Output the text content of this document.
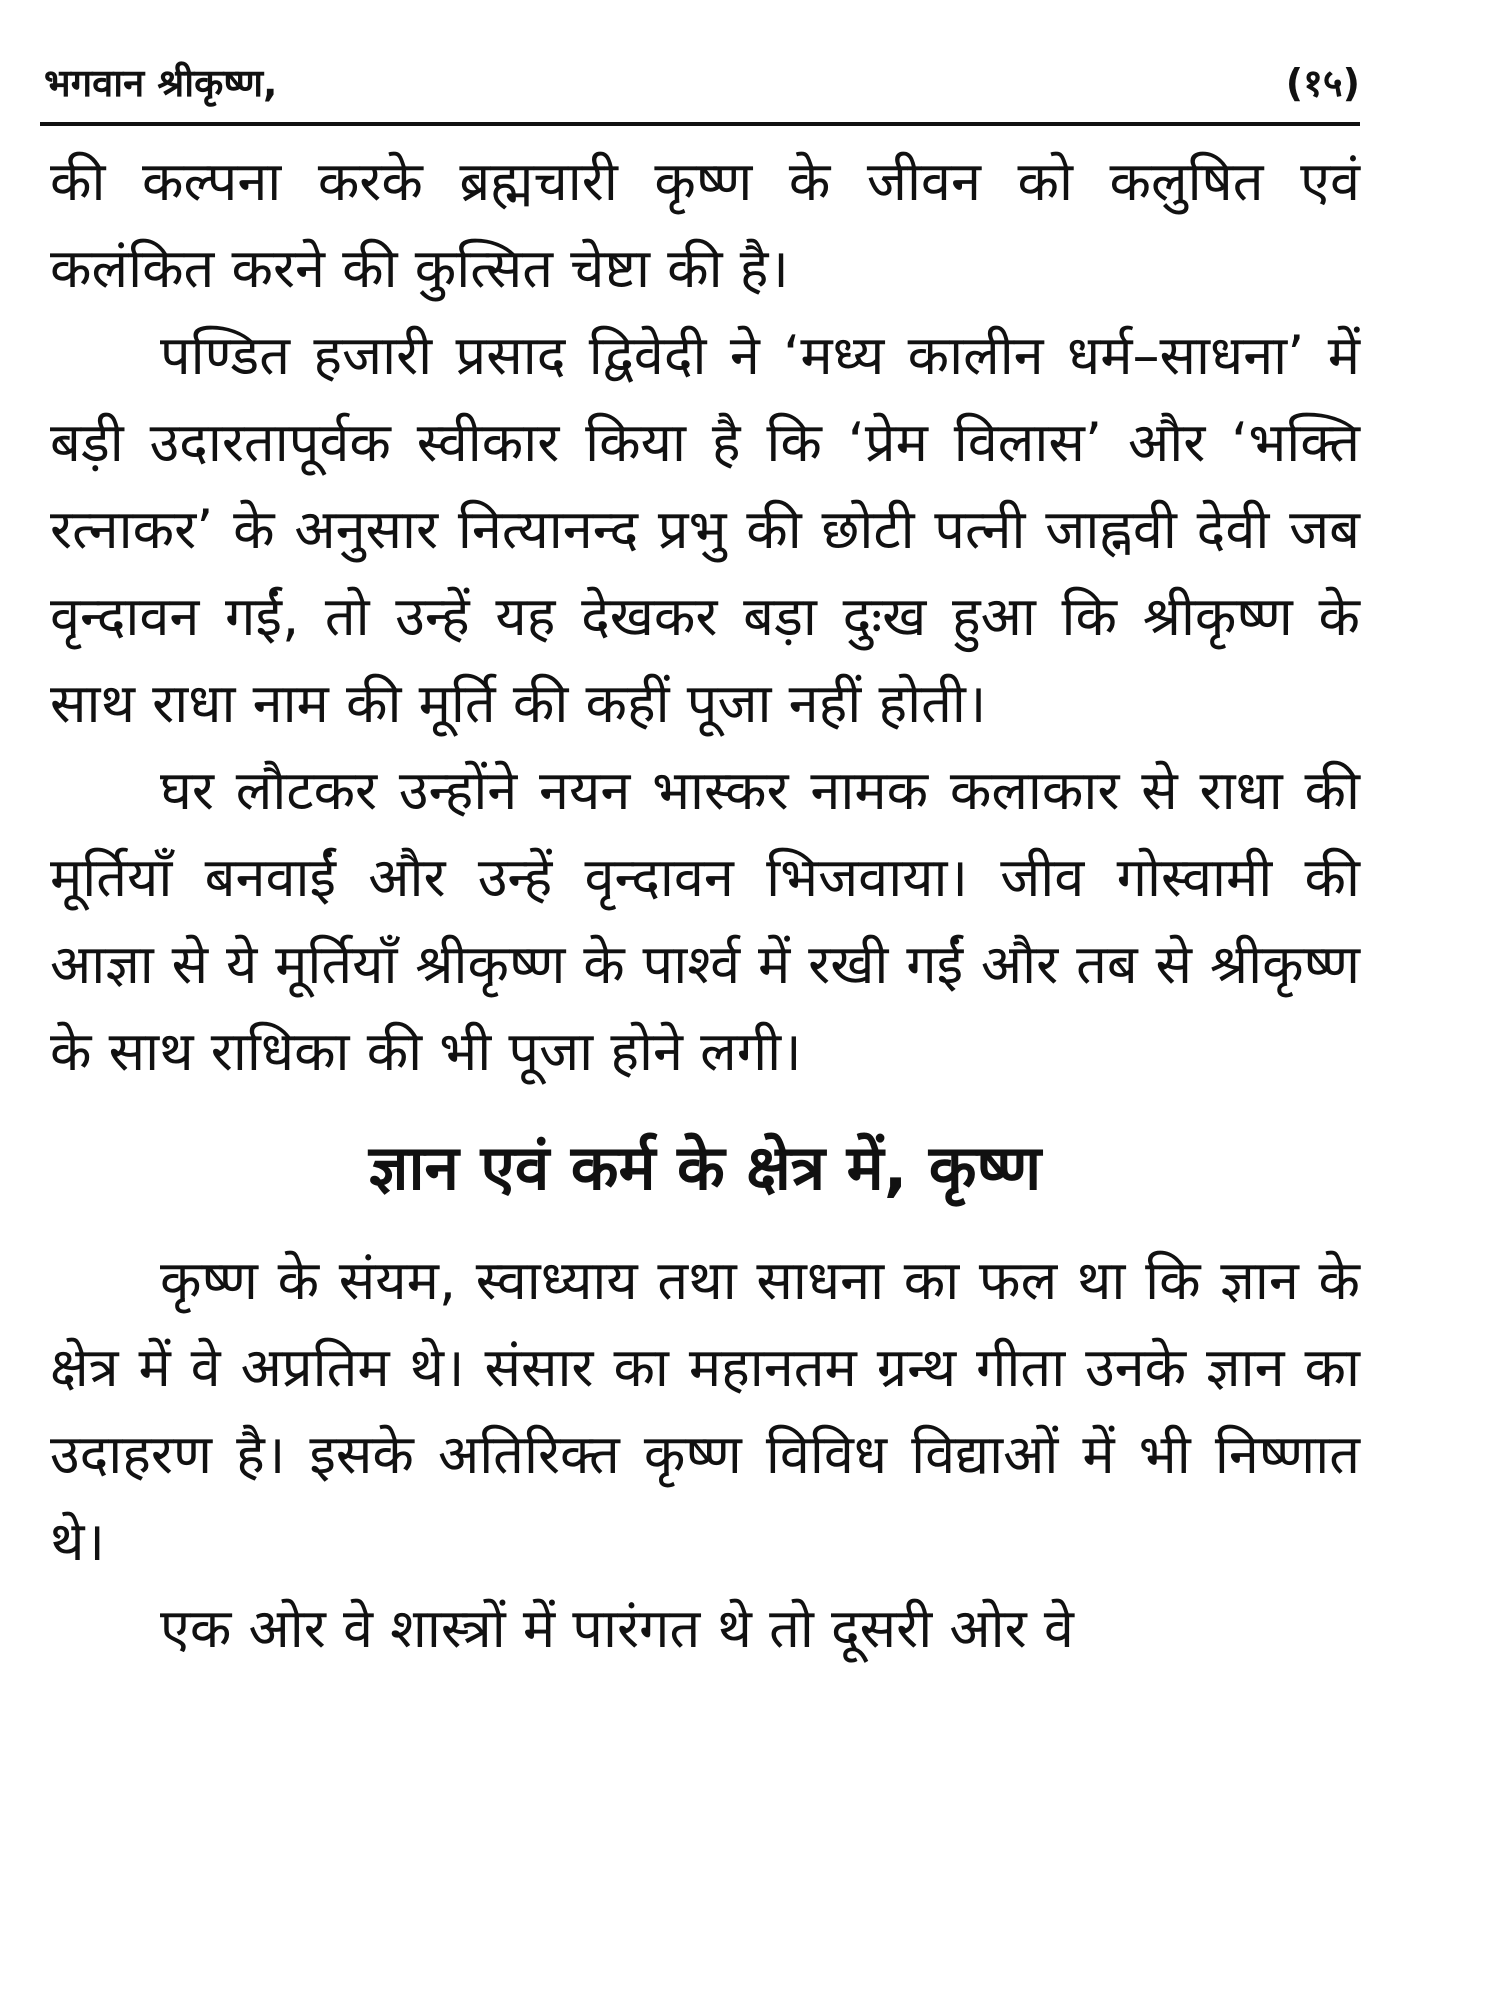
भगवान श्रीकृष्ण,	(१५)

की कल्पना करके ब्रह्मचारी कृष्ण के जीवन को कलुषित एवं कलंकित करने की कुत्सित चेष्टा की है।

पण्डित हजारी प्रसाद द्विवेदी ने ‘मध्य कालीन धर्म–साधना’ में बड़ी उदारतापूर्वक स्वीकार किया है कि ‘प्रेम विलास’ और ‘भक्ति रत्नाकर’ के अनुसार नित्यानन्द प्रभु की छोटी पत्नी जाह्नवी देवी जब वृन्दावन गईं, तो उन्हें यह देखकर बड़ा दुःख हुआ कि श्रीकृष्ण के साथ राधा नाम की मूर्ति की कहीं पूजा नहीं होती।

घर लौटकर उन्होंने नयन भास्कर नामक कलाकार से राधा की मूर्तियाँ बनवाईं और उन्हें वृन्दावन भिजवाया। जीव गोस्वामी की आज्ञा से ये मूर्तियाँ श्रीकृष्ण के पार्श्व में रखी गईं और तब से श्रीकृष्ण के साथ राधिका की भी पूजा होने लगी।

ज्ञान एवं कर्म के क्षेत्र में, कृष्ण

कृष्ण के संयम, स्वाध्याय तथा साधना का फल था कि ज्ञान के क्षेत्र में वे अप्रतिम थे। संसार का महानतम ग्रन्थ गीता उनके ज्ञान का उदाहरण है। इसके अतिरिक्त कृष्ण विविध विद्याओं में भी निष्णात थे।

एक ओर वे शास्त्रों में पारंगत थे तो दूसरी ओर वे
